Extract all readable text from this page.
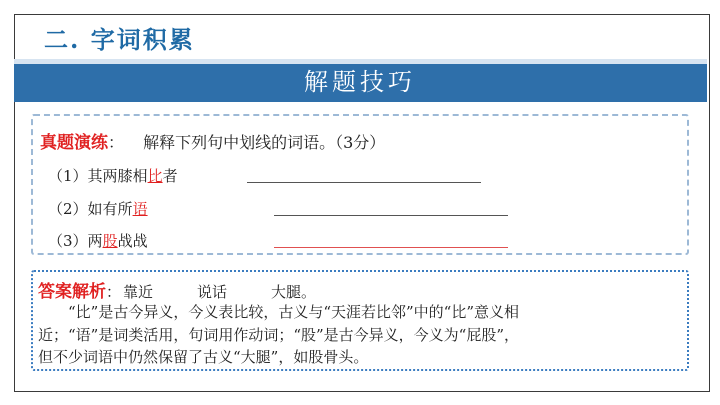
二. 字词积累
解题技巧
真题演练： 解释下列句中划线的词语。（3分）
（1）其两膝相比者
（2）如有所语
（3）两股战战
答案解析： 靠近	说话	大腿。
“比”是古今异义，今义表比较，古义与“天涯若比邻”中的“比”意义相
近；“语”是词类活用，句词用作动词；“股”是古今异义，今义为“屁股”，
但不少词语中仍然保留了古义“大腿”，如股骨头。
